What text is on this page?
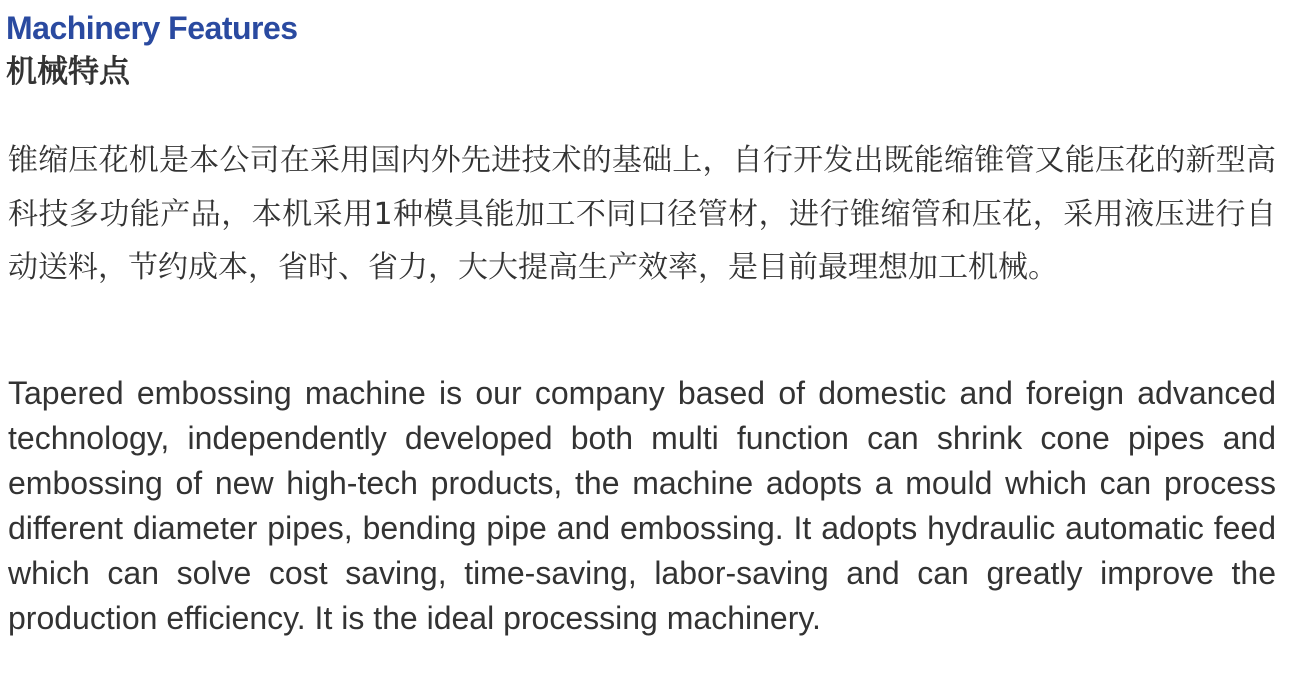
Machinery Features
机械特点

锥缩压花机是本公司在采用国内外先进技术的基础上，自行开发出既能缩锥管又能压花的新型高科技多功能产品，本机采用1种模具能加工不同口径管材，进行锥缩管和压花，采用液压进行自动送料，节约成本，省时、省力，大大提高生产效率，是目前最理想加工机械。

Tapered embossing machine is our company based of domestic and foreign advanced technology, independently developed both multi function can shrink cone pipes and embossing of new high-tech products, the machine adopts a mould which can process different diameter pipes, bending pipe and embossing. It adopts hydraulic automatic feed which can solve cost saving, time-saving, labor-saving and can greatly improve the production efficiency. It is the ideal processing machinery.
